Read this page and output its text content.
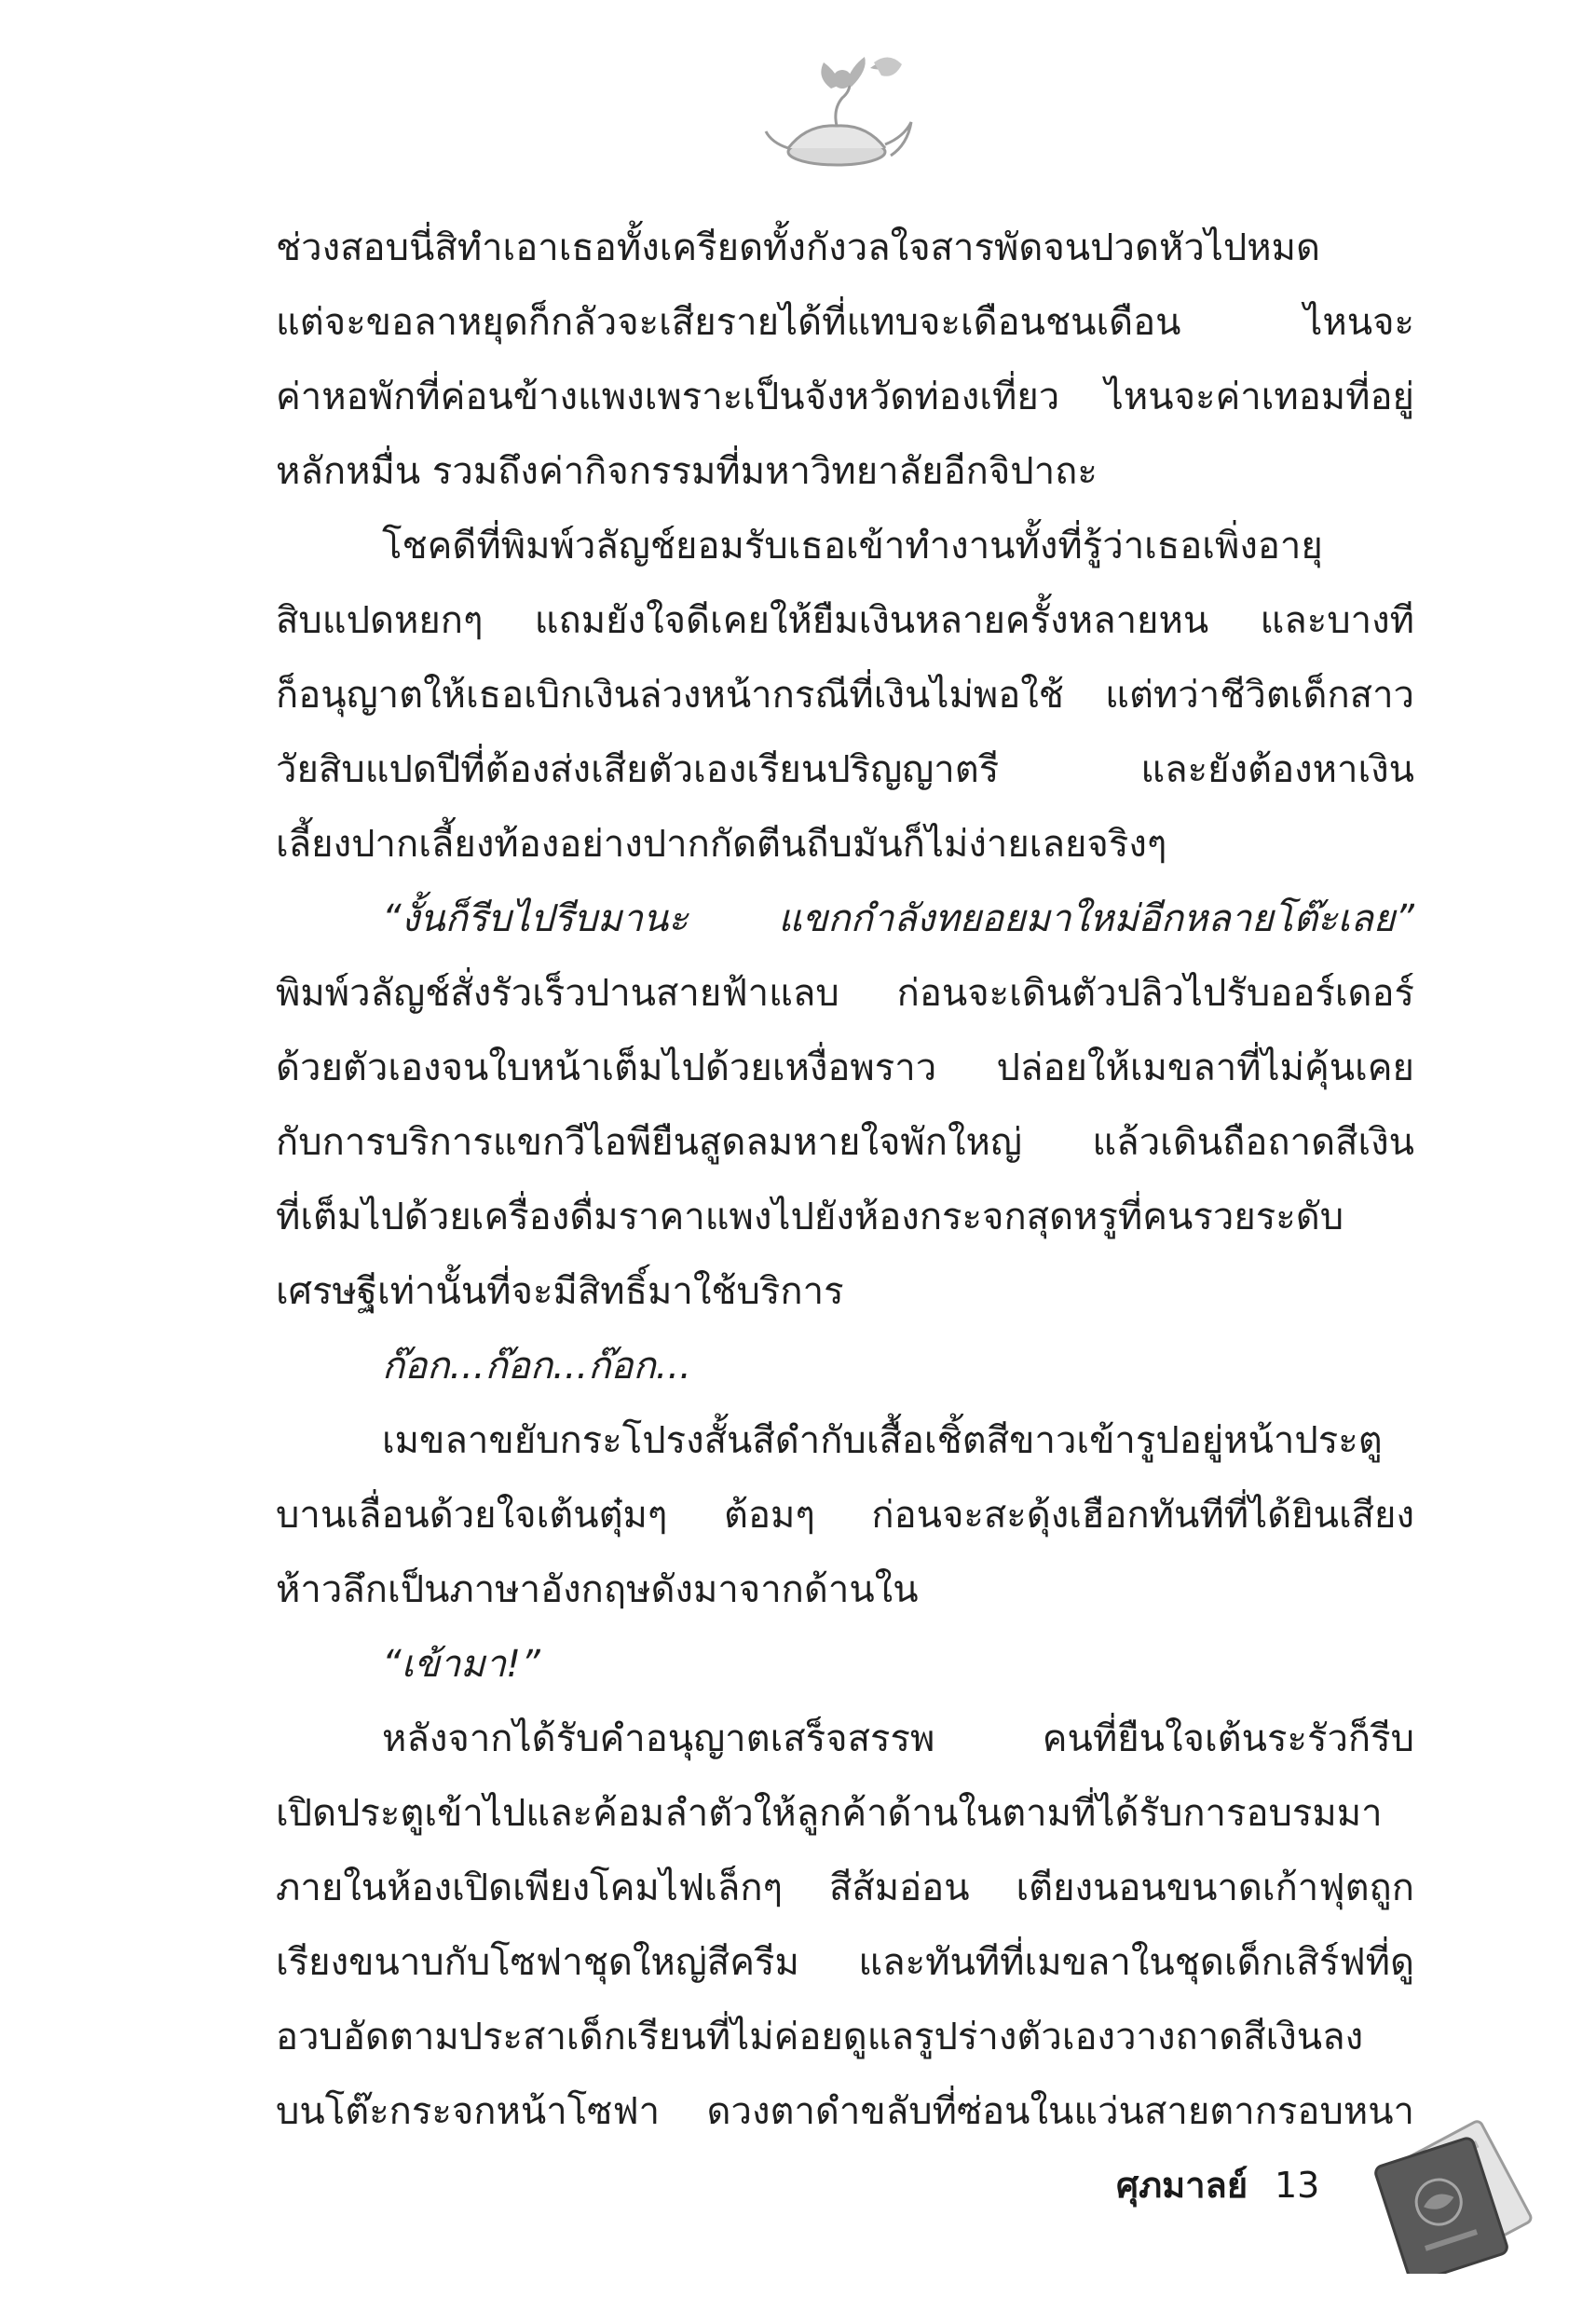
ช่วงสอบนี่สิทำเอาเธอทั้งเครียดทั้งกังวลใจสารพัดจนปวดหัวไปหมด
แต่จะขอลาหยุดก็กลัวจะเสียรายได้ที่แทบจะเดือนชนเดือน ไหนจะ
ค่าหอพักที่ค่อนข้างแพงเพราะเป็นจังหวัดท่องเที่ยว ไหนจะค่าเทอมที่อยู่
หลักหมื่น รวมถึงค่ากิจกรรมที่มหาวิทยาลัยอีกจิปาถะ
โชคดีที่พิมพ์วลัญช์ยอมรับเธอเข้าทำงานทั้งที่รู้ว่าเธอเพิ่งอายุ
สิบแปดหยกๆ แถมยังใจดีเคยให้ยืมเงินหลายครั้งหลายหน และบางที
ก็อนุญาตให้เธอเบิกเงินล่วงหน้ากรณีที่เงินไม่พอใช้ แต่ทว่าชีวิตเด็กสาว
วัยสิบแปดปีที่ต้องส่งเสียตัวเองเรียนปริญญาตรี และยังต้องหาเงิน
เลี้ยงปากเลี้ยงท้องอย่างปากกัดตีนถีบมันก็ไม่ง่ายเลยจริงๆ
“งั้นก็รีบไปรีบมานะ แขกกำลังทยอยมาใหม่อีกหลายโต๊ะเลย”
พิมพ์วลัญช์สั่งรัวเร็วปานสายฟ้าแลบ ก่อนจะเดินตัวปลิวไปรับออร์เดอร์
ด้วยตัวเองจนใบหน้าเต็มไปด้วยเหงื่อพราว ปล่อยให้เมขลาที่ไม่คุ้นเคย
กับการบริการแขกวีไอพียืนสูดลมหายใจพักใหญ่ แล้วเดินถือถาดสีเงิน
ที่เต็มไปด้วยเครื่องดื่มราคาแพงไปยังห้องกระจกสุดหรูที่คนรวยระดับ
เศรษฐีเท่านั้นที่จะมีสิทธิ์มาใช้บริการ
ก๊อก...ก๊อก...ก๊อก...
เมขลาขยับกระโปรงสั้นสีดำกับเสื้อเชิ้ตสีขาวเข้ารูปอยู่หน้าประตู
บานเลื่อนด้วยใจเต้นตุ๋มๆ ต้อมๆ ก่อนจะสะดุ้งเฮือกทันทีที่ได้ยินเสียง
ห้าวลึกเป็นภาษาอังกฤษดังมาจากด้านใน
“เข้ามา!”
หลังจากได้รับคำอนุญาตเสร็จสรรพ คนที่ยืนใจเต้นระรัวก็รีบ
เปิดประตูเข้าไปและค้อมลำตัวให้ลูกค้าด้านในตามที่ได้รับการอบรมมา
ภายในห้องเปิดเพียงโคมไฟเล็กๆ สีส้มอ่อน เตียงนอนขนาดเก้าฟุตถูก
เรียงขนาบกับโซฟาชุดใหญ่สีครีม และทันทีที่เมขลาในชุดเด็กเสิร์ฟที่ดู
อวบอัดตามประสาเด็กเรียนที่ไม่ค่อยดูแลรูปร่างตัวเองวางถาดสีเงินลง
บนโต๊ะกระจกหน้าโซฟา ดวงตาดำขลับที่ซ่อนในแว่นสายตากรอบหนา
ศุภมาลย์ 13
